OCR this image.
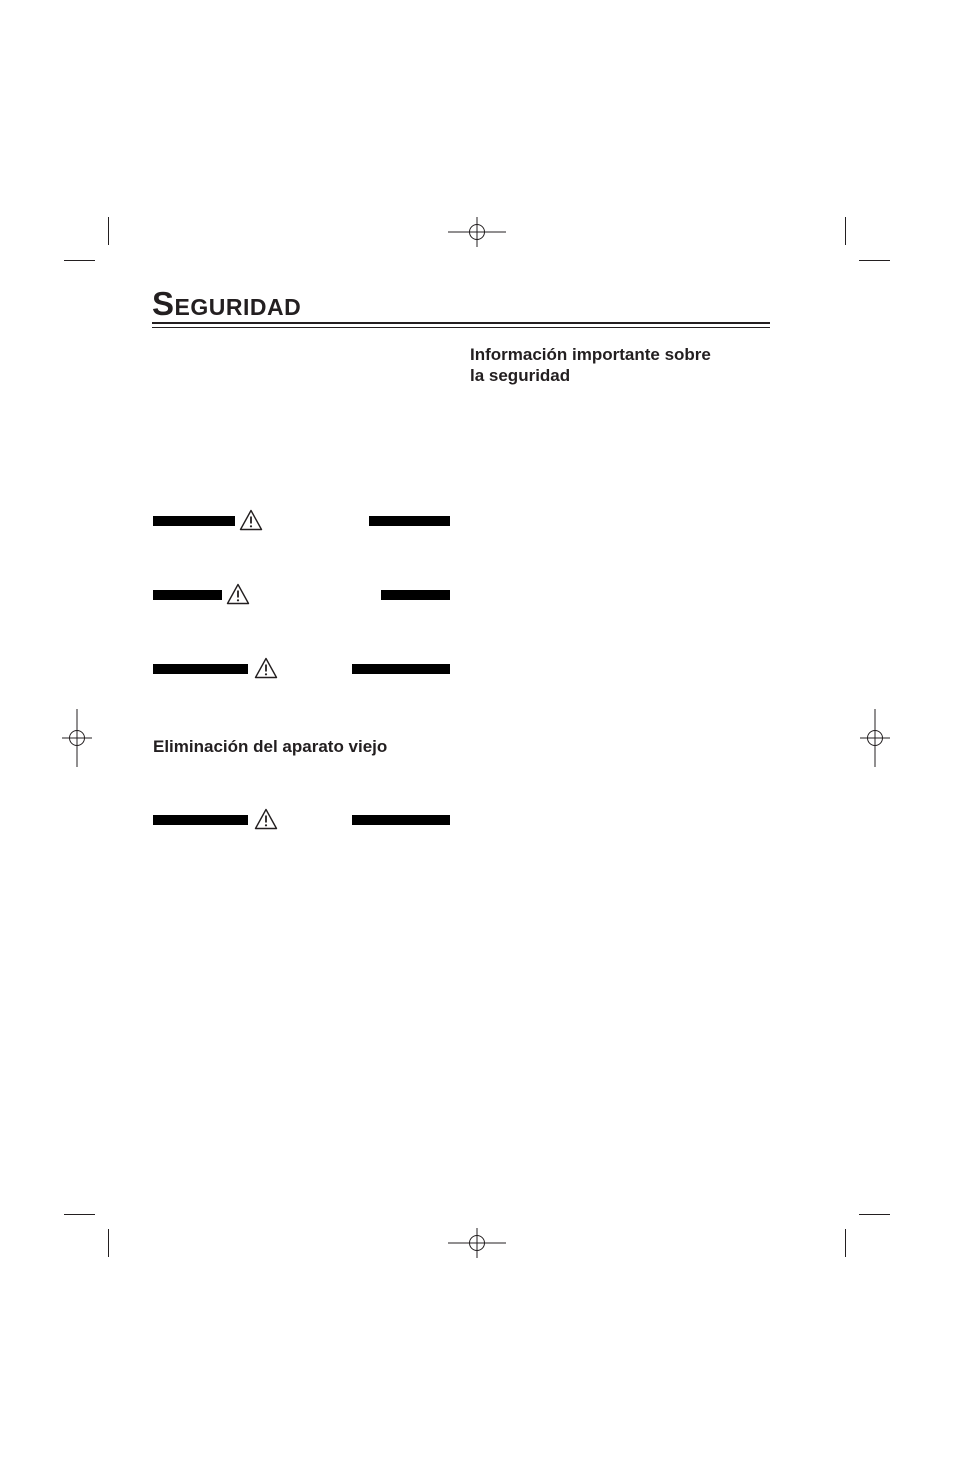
Seguridad
Información importante sobre
la seguridad
Eliminación del aparato viejo
